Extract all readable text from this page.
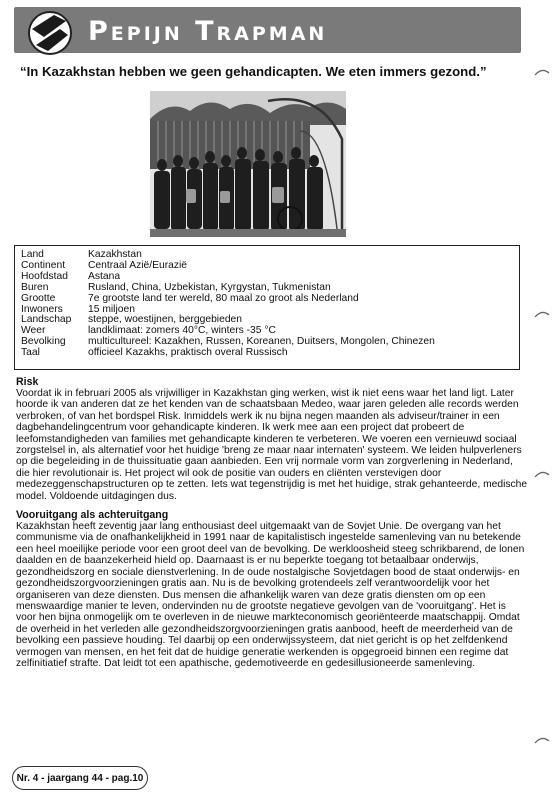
Pepijn Trapman

“In Kazakhstan hebben we geen gehandicapten. We eten immers gezond.”

Land	Kazakhstan
Continent	Centraal Azië/Eurazië
Hoofdstad	Astana
Buren	Rusland, China, Uzbekistan, Kyrgystan, Tukmenistan
Grootte	7e grootste land ter wereld, 80 maal zo groot als Nederland
Inwoners	15 miljoen
Landschap	steppe, woestijnen, berggebieden
Weer	landklimaat: zomers 40°C, winters -35 °C
Bevolking	multicultureel: Kazakhen, Russen, Koreanen, Duitsers, Mongolen, Chinezen
Taal	officieel Kazakhs, praktisch overal Russisch
Risk

Voordat ik in februari 2005 als vrijwilliger in Kazakhstan ging werken, wist ik niet eens waar het land ligt. Later hoorde ik van anderen dat ze het kenden van de schaatsbaan Medeo, waar jaren geleden alle records werden verbroken, of van het bordspel Risk. Inmiddels werk ik nu bijna negen maanden als adviseur/trainer in een dagbehandelingcentrum voor gehandicapte kinderen. Ik werk mee aan een project dat probeert de leefomstandigheden van families met gehandicapte kinderen te verbeteren. We voeren een vernieuwd sociaal zorgstelsel in, als alternatief voor het huidige 'breng ze maar naar internaten' systeem. We leiden hulpverleners op die begeleiding in de thuissituatie gaan aanbieden. Een vrij normale vorm van zorgverlening in Nederland, die hier revolutionair is. Het project wil ook de positie van ouders en cliënten verstevigen door medezeggenschapstructuren op te zetten. Iets wat tegenstrijdig is met het huidige, strak gehanteerde, medische model. Voldoende uitdagingen dus.

Vooruitgang als achteruitgang

Kazakhstan heeft zeventig jaar lang enthousiast deel uitgemaakt van de Sovjet Unie. De overgang van het communisme via de onafhankelijkheid in 1991 naar de kapitalistisch ingestelde samenleving van nu betekende een heel moeilijke periode voor een groot deel van de bevolking. De werkloosheid steeg schrikbarend, de lonen daalden en de baanzekerheid hield op. Daarnaast is er nu beperkte toegang tot betaalbaar onderwijs, gezondheidszorg en sociale dienstverlening. In de oude nostalgische Sovjetdagen bood de staat onderwijs- en gezondheidszorgvoorzieningen gratis aan. Nu is de bevolking grotendeels zelf verantwoordelijk voor het organiseren van deze diensten. Dus mensen die afhankelijk waren van deze gratis diensten om op een menswaardige manier te leven, ondervinden nu de grootste negatieve gevolgen van de 'vooruitgang'. Het is voor hen bijna onmogelijk om te overleven in de nieuwe markteconomisch georiënteerde maatschappij. Omdat de overheid in het verleden alle gezondheidszorgvoorzieningen gratis aanbood, heeft de meerderheid van de bevolking een passieve houding. Tel daarbij op een onderwijssysteem, dat niet gericht is op het zelfdenkend vermogen van mensen, en het feit dat de huidige generatie werkenden is opgegroeid binnen een regime dat zelfinitiatief strafte. Dat leidt tot een apathische, gedemotiveerde en gedesillusioneerde samenleving.

Nr. 4 - jaargang 44 - pag.10
